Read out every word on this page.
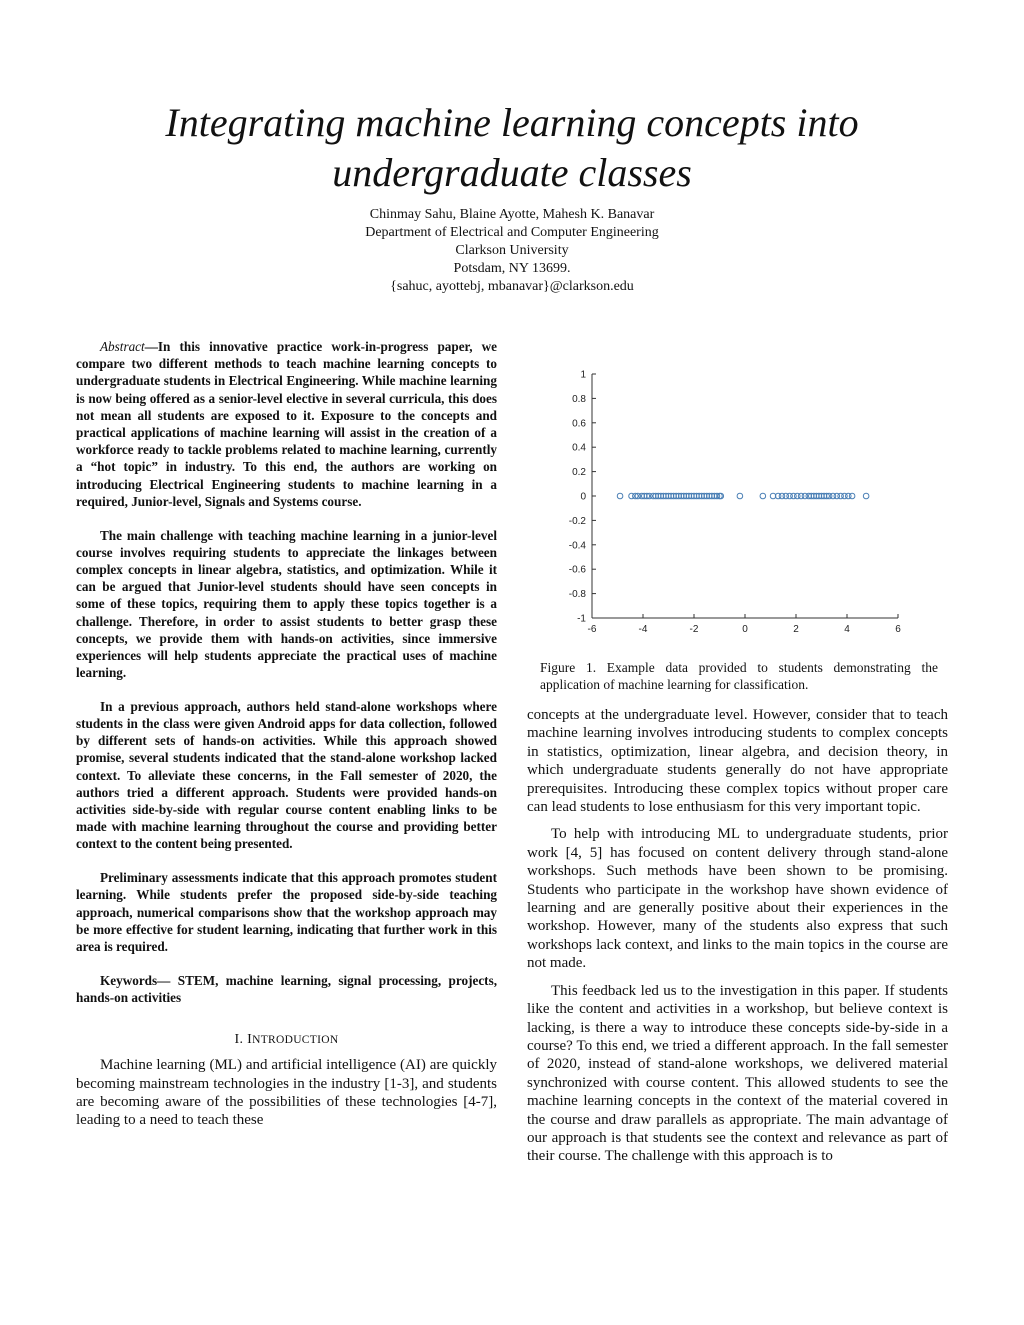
Integrating machine learning concepts into undergraduate classes
Chinmay Sahu, Blaine Ayotte, Mahesh K. Banavar
Department of Electrical and Computer Engineering
Clarkson University
Potsdam, NY 13699.
{sahuc, ayottebj, mbanavar}@clarkson.edu

Abstract—In this innovative practice work-in-progress paper, we compare two different methods to teach machine learning concepts to undergraduate students in Electrical Engineering. While machine learning is now being offered as a senior-level elective in several curricula, this does not mean all students are exposed to it. Exposure to the concepts and practical applications of machine learning will assist in the creation of a workforce ready to tackle problems related to machine learning, currently a “hot topic” in industry. To this end, the authors are working on introducing Electrical Engineering students to machine learning in a required, Junior-level, Signals and Systems course.

The main challenge with teaching machine learning in a junior-level course involves requiring students to appreciate the linkages between complex concepts in linear algebra, statistics, and optimization. While it can be argued that Junior-level students should have seen concepts in some of these topics, requiring them to apply these topics together is a challenge. Therefore, in order to assist students to better grasp these concepts, we provide them with hands-on activities, since immersive experiences will help students appreciate the practical uses of machine learning.

In a previous approach, authors held stand-alone workshops where students in the class were given Android apps for data collection, followed by different sets of hands-on activities. While this approach showed promise, several students indicated that the stand-alone workshop lacked context. To alleviate these concerns, in the Fall semester of 2020, the authors tried a different approach. Students were provided hands-on activities side-by-side with regular course content enabling links to be made with machine learning throughout the course and providing better context to the content being presented.

Preliminary assessments indicate that this approach promotes student learning. While students prefer the proposed side-by-side teaching approach, numerical comparisons show that the workshop approach may be more effective for student learning, indicating that further work in this area is required.

Keywords— STEM, machine learning, signal processing, projects, hands-on activities

I. INTRODUCTION

Machine learning (ML) and artificial intelligence (AI) are quickly becoming mainstream technologies in the industry [1-3], and students are becoming aware of the possibilities of these technologies [4-7], leading to a need to teach these

1
0.8
0.6
0.4
0.2
0
-0.2
-0.4
-0.6
-0.8
-1
-6	-4	-2	0	2	4	6
Figure 1. Example data provided to students demonstrating the application of machine learning for classification.

concepts at the undergraduate level. However, consider that to teach machine learning involves introducing students to complex concepts in statistics, optimization, linear algebra, and decision theory, in which undergraduate students generally do not have appropriate prerequisites. Introducing these complex topics without proper care can lead students to lose enthusiasm for this very important topic.

To help with introducing ML to undergraduate students, prior work [4, 5] has focused on content delivery through stand-alone workshops. Such methods have been shown to be promising. Students who participate in the workshop have shown evidence of learning and are generally positive about their experiences in the workshop. However, many of the students also express that such workshops lack context, and links to the main topics in the course are not made.

This feedback led us to the investigation in this paper. If students like the content and activities in a workshop, but believe context is lacking, is there a way to introduce these concepts side-by-side in a course? To this end, we tried a different approach. In the fall semester of 2020, instead of stand-alone workshops, we delivered material synchronized with course content. This allowed students to see the machine learning concepts in the context of the material covered in the course and draw parallels as appropriate. The main advantage of our approach is that students see the context and relevance as part of their course. The challenge with this approach is to
